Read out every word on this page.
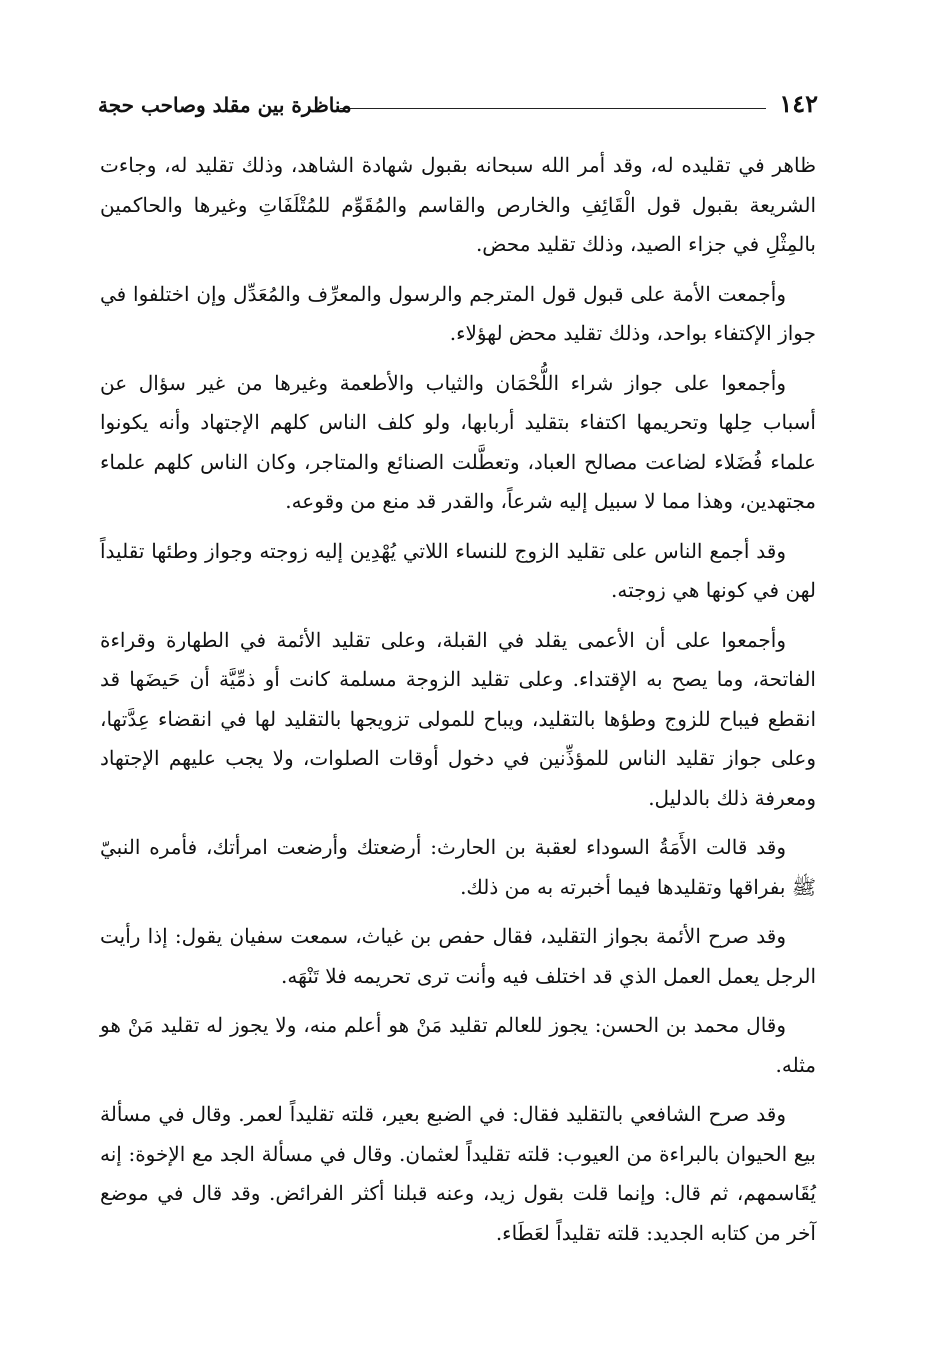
١٤٢
مناظرة بين مقلد وصاحب حجة

ظاهر في تقليده له، وقد أمر الله سبحانه بقبول شهادة الشاهد، وذلك تقليد له، وجاءت الشريعة بقبول قول الْقَائِفِ والخارص والقاسم والمُقَوِّم للمُتْلَفَاتِ وغيرها والحاكمين بالمِثْلِ في جزاء الصيد، وذلك تقليد محض.

وأجمعت الأمة على قبول قول المترجم والرسول والمعرِّف والمُعَدِّل وإن اختلفوا في جواز الإكتفاء بواحد، وذلك تقليد محض لهؤلاء.

وأجمعوا على جواز شراء اللُّحْمَان والثياب والأطعمة وغيرها من غير سؤال عن أسباب حِلها وتحريمها اكتفاء بتقليد أربابها، ولو كلف الناس كلهم الإجتهاد وأنه يكونوا علماء فُضَلاء لضاعت مصالح العباد، وتعطَّلت الصنائع والمتاجر، وكان الناس كلهم علماء مجتهدين، وهذا مما لا سبيل إليه شرعاً، والقدر قد منع من وقوعه.

وقد أجمع الناس على تقليد الزوج للنساء اللاتي يُهْدِين إليه زوجته وجواز وطئها تقليداً لهن في كونها هي زوجته.

وأجمعوا على أن الأعمى يقلد في القبلة، وعلى تقليد الأئمة في الطهارة وقراءة الفاتحة، وما يصح به الإقتداء. وعلى تقليد الزوجة مسلمة كانت أو ذمِّيَّة أن حَيضَها قد انقطع فيباح للزوج وطؤها بالتقليد، ويباح للمولى تزويجها بالتقليد لها في انقضاء عِدَّتها، وعلى جواز تقليد الناس للمؤذِّنين في دخول أوقات الصلوات، ولا يجب عليهم الإجتهاد ومعرفة ذلك بالدليل.

وقد قالت الأَمَةُ السوداء لعقبة بن الحارث: أرضعتك وأرضعت امرأتك، فأمره النبيّ ﷺ بفراقها وتقليدها فيما أخبرته به من ذلك.

وقد صرح الأئمة بجواز التقليد، فقال حفص بن غياث، سمعت سفيان يقول: إذا رأيت الرجل يعمل العمل الذي قد اختلف فيه وأنت ترى تحريمه فلا تَنْهَه.

وقال محمد بن الحسن: يجوز للعالم تقليد مَنْ هو أعلم منه، ولا يجوز له تقليد مَنْ هو مثله.

وقد صرح الشافعي بالتقليد فقال: في الضبع بعير، قلته تقليداً لعمر. وقال في مسألة بيع الحيوان بالبراءة من العيوب: قلته تقليداً لعثمان. وقال في مسألة الجد مع الإخوة: إنه يُقَاسمهم، ثم قال: وإنما قلت بقول زيد، وعنه قبلنا أكثر الفرائض. وقد قال في موضع آخر من كتابه الجديد: قلته تقليداً لعَطَاء.
